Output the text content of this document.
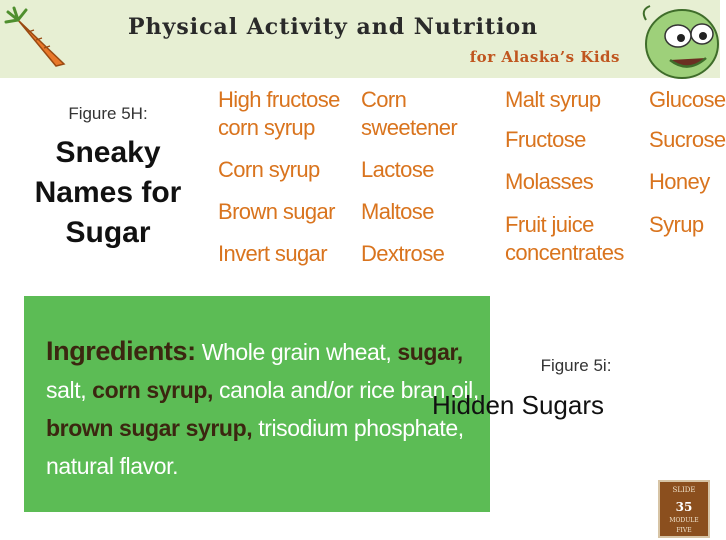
Physical Activity and Nutrition
for Alaska’s Kids
Figure 5H:
Sneaky
Names for
Sugar
High fructose
corn syrup
Corn syrup
Brown sugar
Invert sugar
Corn
sweetener
Lactose
Maltose
Dextrose
Malt syrup
Fructose
Molasses
Fruit juice
concentrates
Glucose
Sucrose
Honey
Syrup
Ingredients: Whole grain wheat, sugar, salt, corn syrup, canola and/or rice bran oil, brown sugar syrup, trisodium phosphate, natural flavor.
Figure 5i:
Hidden Sugars
SLIDE
35
MODULE
FIVE
